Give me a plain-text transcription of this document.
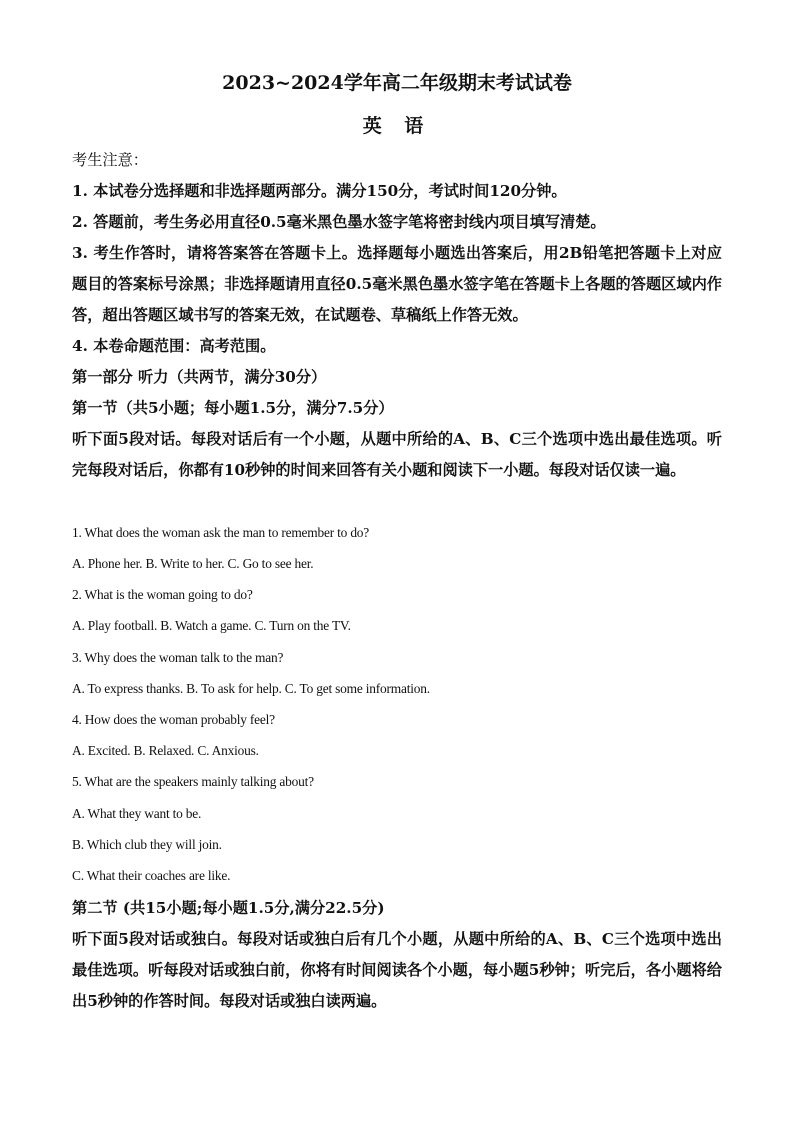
2023~2024学年高二年级期末考试试卷
英 语
考生注意：
1. 本试卷分选择题和非选择题两部分。满分150分，考试时间120分钟。
2. 答题前，考生务必用直径0.5毫米黑色墨水签字笔将密封线内项目填写清楚。
3. 考生作答时，请将答案答在答题卡上。选择题每小题选出答案后，用2B铅笔把答题卡上对应题目的答案标号涂黑；非选择题请用直径0.5毫米黑色墨水签字笔在答题卡上各题的答题区域内作答，超出答题区域书写的答案无效，在试题卷、草稿纸上作答无效。
4. 本卷命题范围：高考范围。
第一部分 听力（共两节，满分30分）
第一节（共5小题；每小题1.5分，满分7.5分）
听下面5段对话。每段对话后有一个小题，从题中所给的A、B、C三个选项中选出最佳选项。听完每段对话后，你都有10秒钟的时间来回答有关小题和阅读下一小题。每段对话仅读一遍。
1. What does the woman ask the man to remember to do?
A. Phone her. B. Write to her. C. Go to see her.
2. What is the woman going to do?
A. Play football. B. Watch a game. C. Turn on the TV.
3. Why does the woman talk to the man?
A. To express thanks. B. To ask for help. C. To get some information.
4. How does the woman probably feel?
A. Excited. B. Relaxed. C. Anxious.
5. What are the speakers mainly talking about?
A. What they want to be.
B. Which club they will join.
C. What their coaches are like.
第二节 (共15小题;每小题1.5分,满分22.5分)
听下面5段对话或独白。每段对话或独白后有几个小题，从题中所给的A、B、C三个选项中选出最佳选项。听每段对话或独白前，你将有时间阅读各个小题，每小题5秒钟；听完后，各小题将给出5秒钟的作答时间。每段对话或独白读两遍。
